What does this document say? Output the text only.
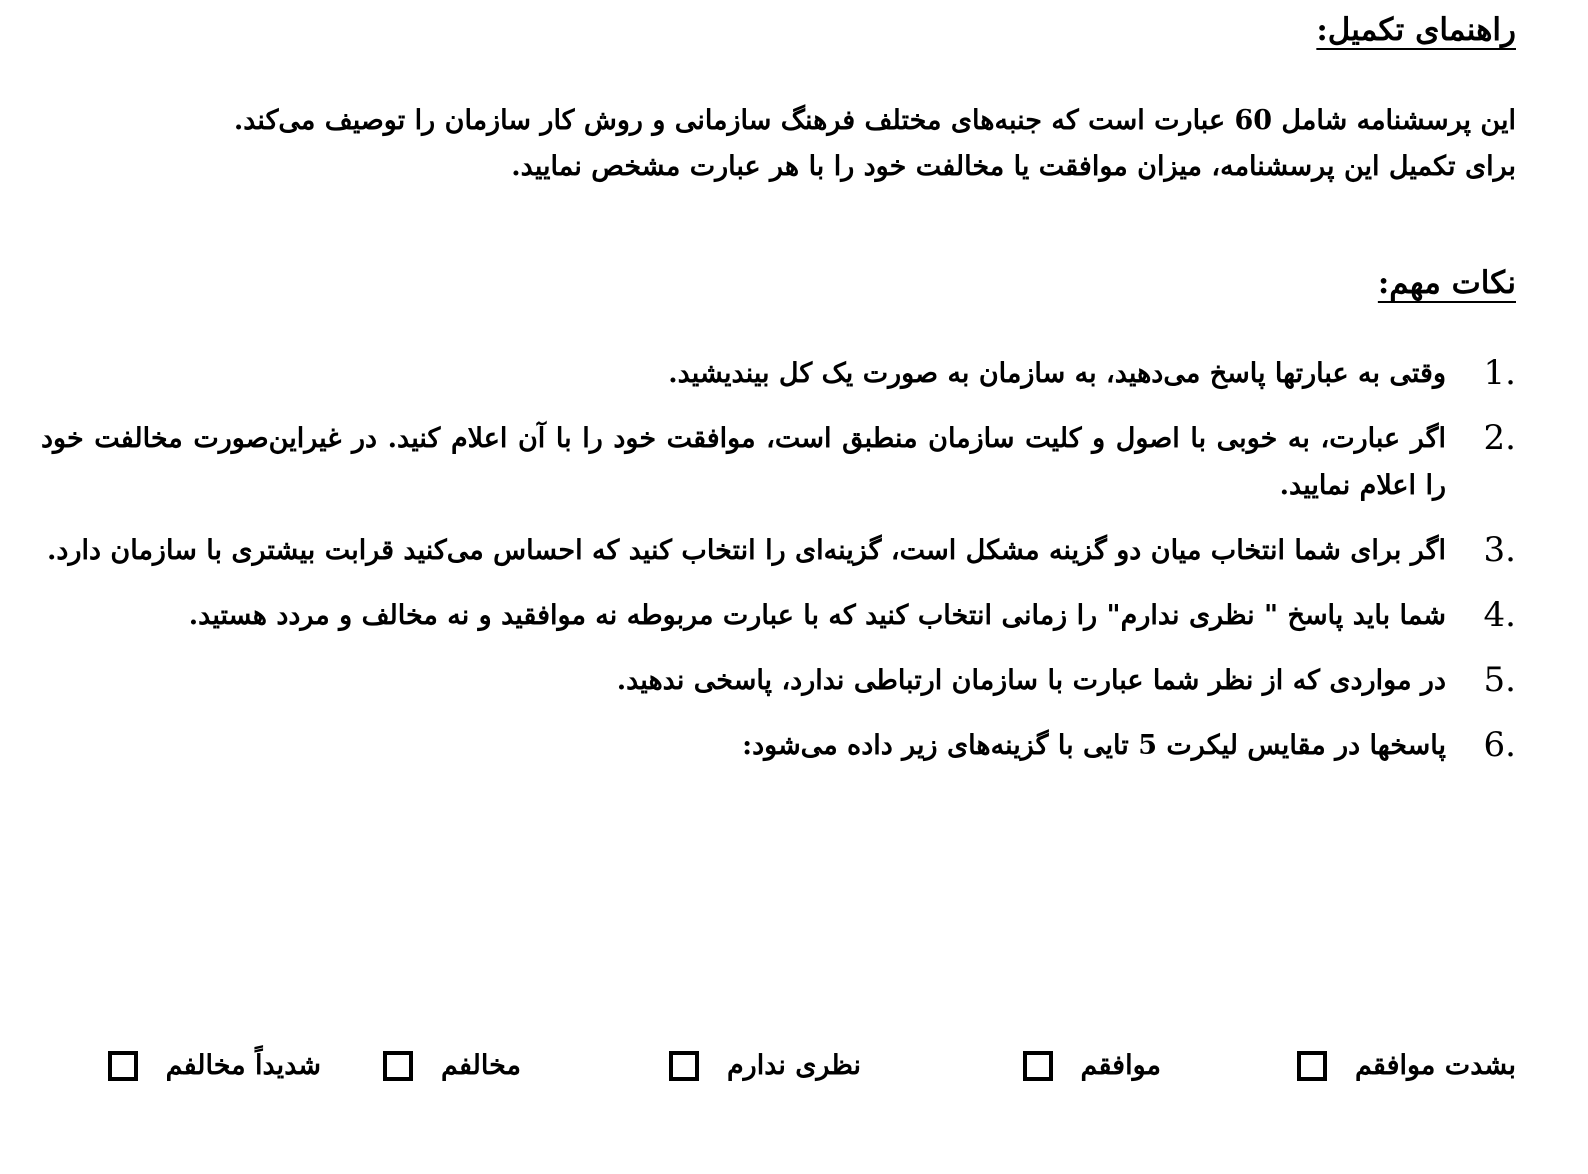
راهنمای تکمیل:

این پرسشنامه شامل 60 عبارت است که جنبه‌های مختلف فرهنگ سازمانی و روش کار سازمان را توصیف می‌کند.

برای تکمیل این پرسشنامه، میزان موافقت یا مخالفت خود را با هر عبارت مشخص نمایید.

نکات مهم:
1.
وقتی به عبارتها پاسخ می‌دهید، به سازمان به صورت یک کل بیندیشید.
2.
اگر عبارت، به خوبی با اصول و کلیت سازمان منطبق است، موافقت خود را با آن اعلام کنید. در غیراین‌صورت مخالفت خود را اعلام نمایید.
3.
اگر برای شما انتخاب میان دو گزینه مشکل است، گزینه‌ای را انتخاب کنید که احساس می‌کنید قرابت بیشتری با سازمان دارد.
4.
شما باید پاسخ " نظری ندارم" را زمانی انتخاب کنید که با عبارت مربوطه نه موافقید و نه مخالف و مردد هستید.
5.
در مواردی که از نظر شما عبارت با سازمان ارتباطی ندارد، پاسخی ندهید.
6.
پاسخها در مقایس لیکرت 5 تایی با گزینه‌های زیر داده می‌شود:
بشدت موافقم
موافقم
نظری ندارم
مخالفم
شدیداً مخالفم
